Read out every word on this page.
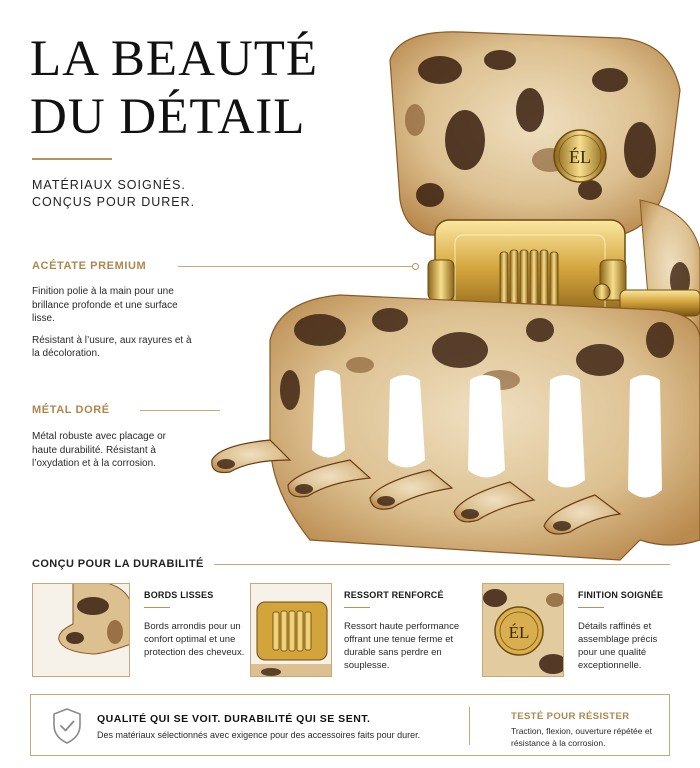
ÉL
LA BEAUTÉ
DU DÉTAIL
MATÉRIAUX SOIGNÉS.
CONÇUS POUR DURER.
ACÉTATE PREMIUM

Finition polie à la main pour une brillance profonde et une surface lisse.

Résistant à l’usure, aux rayures et à la décoloration.

MÉTAL DORÉ

Métal robuste avec placage or haute durabilité. Résistant à l’oxydation et à la corrosion.

CONÇU POUR LA DURABILITÉ
BORDS LISSES
Bords arrondis pour un confort optimal et une protection des cheveux.
RESSORT RENFORCÉ
Ressort haute performance offrant une tenue ferme et durable sans perdre en souplesse.
ÉL
FINITION SOIGNÉE
Détails raffinés et assemblage précis pour une qualité exceptionnelle.
QUALITÉ QUI SE VOIT. DURABILITÉ QUI SE SENT.
Des matériaux sélectionnés avec exigence pour des accessoires faits pour durer.
TESTÉ POUR RÉSISTER
Traction, flexion, ouverture répétée et résistance à la corrosion.
